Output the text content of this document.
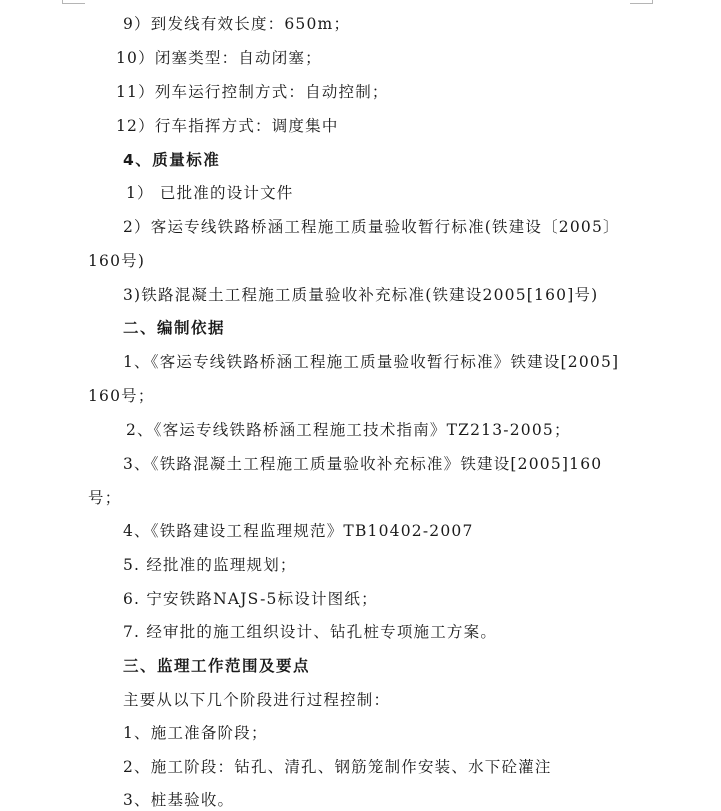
9）到发线有效长度：650m；
10）闭塞类型：自动闭塞；
11）列车运行控制方式：自动控制；
12）行车指挥方式：调度集中
4、质量标准
1） 已批准的设计文件
2）客运专线铁路桥涵工程施工质量验收暂行标准(铁建设〔2005〕
160号)
3)铁路混凝土工程施工质量验收补充标准(铁建设2005[160]号)
二、编制依据
1、《客运专线铁路桥涵工程施工质量验收暂行标准》铁建设[2005]
160号；
2、《客运专线铁路桥涵工程施工技术指南》TZ213-2005；
3、《铁路混凝土工程施工质量验收补充标准》铁建设[2005]160
号；
4、《铁路建设工程监理规范》TB10402-2007
5. 经批准的监理规划；
6. 宁安铁路NAJS-5标设计图纸；
7. 经审批的施工组织设计、钻孔桩专项施工方案。
三、监理工作范围及要点
主要从以下几个阶段进行过程控制：
1、施工准备阶段；
2、施工阶段：钻孔、清孔、钢筋笼制作安装、水下砼灌注
3、桩基验收。
